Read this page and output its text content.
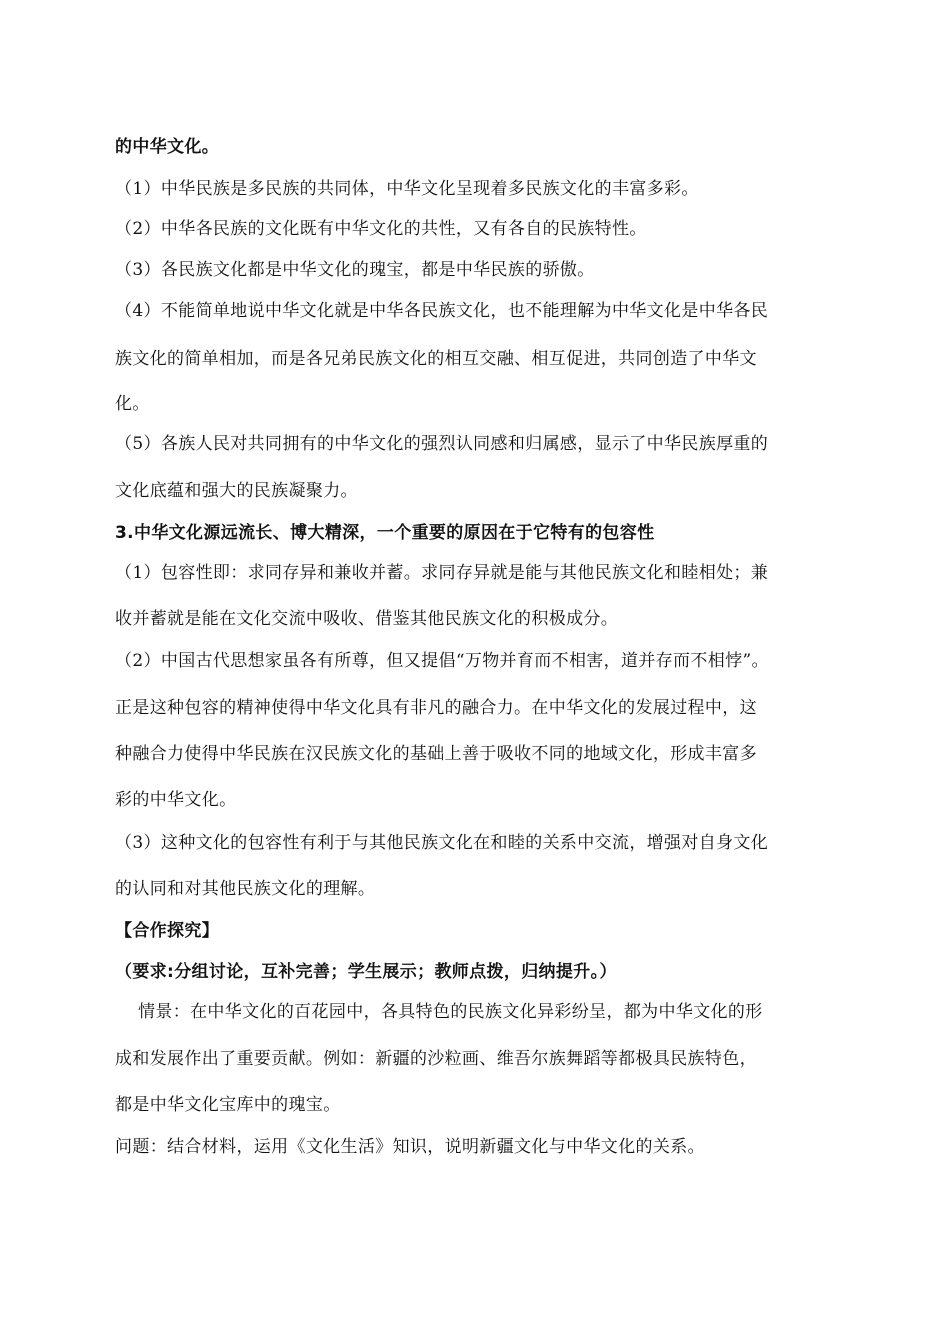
的中华文化。
（1）中华民族是多民族的共同体，中华文化呈现着多民族文化的丰富多彩。
（2）中华各民族的文化既有中华文化的共性，又有各自的民族特性。
（3）各民族文化都是中华文化的瑰宝，都是中华民族的骄傲。
（4）不能简单地说中华文化就是中华各民族文化，也不能理解为中华文化是中华各民
族文化的简单相加，而是各兄弟民族文化的相互交融、相互促进，共同创造了中华文
化。
（5）各族人民对共同拥有的中华文化的强烈认同感和归属感，显示了中华民族厚重的
文化底蕴和强大的民族凝聚力。
3.中华文化源远流长、博大精深，一个重要的原因在于它特有的包容性
（1）包容性即：求同存异和兼收并蓄。求同存异就是能与其他民族文化和睦相处；兼
收并蓄就是能在文化交流中吸收、借鉴其他民族文化的积极成分。
（2）中国古代思想家虽各有所尊，但又提倡“万物并育而不相害，道并存而不相悖”。
正是这种包容的精神使得中华文化具有非凡的融合力。在中华文化的发展过程中，这
种融合力使得中华民族在汉民族文化的基础上善于吸收不同的地域文化，形成丰富多
彩的中华文化。
（3）这种文化的包容性有利于与其他民族文化在和睦的关系中交流，增强对自身文化
的认同和对其他民族文化的理解。
【合作探究】
（要求:分组讨论，互补完善；学生展示；教师点拨，归纳提升。）
情景：在中华文化的百花园中，各具特色的民族文化异彩纷呈，都为中华文化的形
成和发展作出了重要贡献。例如：新疆的沙粒画、维吾尔族舞蹈等都极具民族特色，
都是中华文化宝库中的瑰宝。
问题：结合材料，运用《文化生活》知识，说明新疆文化与中华文化的关系。
